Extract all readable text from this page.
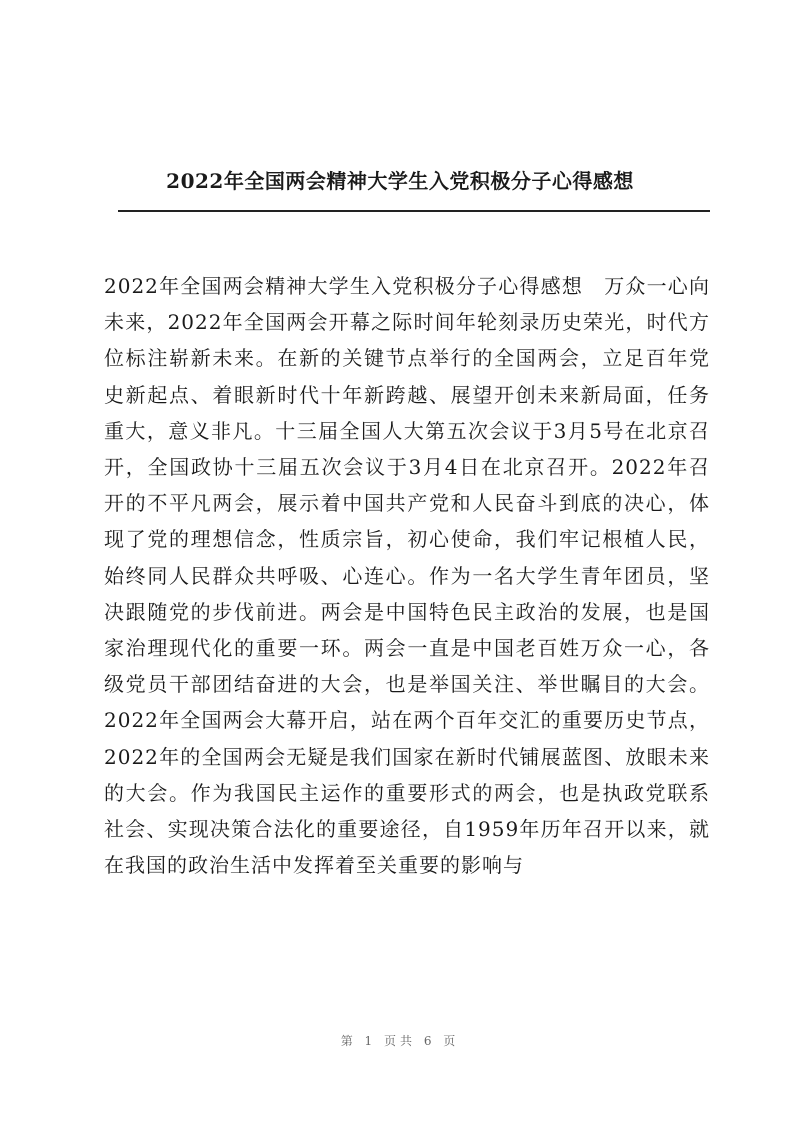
2022年全国两会精神大学生入党积极分子心得感想

2022年全国两会精神大学生入党积极分子心得感想　万众一心向未来，2022年全国两会开幕之际时间年轮刻录历史荣光，时代方位标注崭新未来。在新的关键节点举行的全国两会，立足百年党史新起点、着眼新时代十年新跨越、展望开创未来新局面，任务重大，意义非凡。十三届全国人大第五次会议于3月5号在北京召开，全国政协十三届五次会议于3月4日在北京召开。2022年召开的不平凡两会，展示着中国共产党和人民奋斗到底的决心，体现了党的理想信念，性质宗旨，初心使命，我们牢记根植人民，始终同人民群众共呼吸、心连心。作为一名大学生青年团员，坚决跟随党的步伐前进。两会是中国特色民主政治的发展，也是国家治理现代化的重要一环。两会一直是中国老百姓万众一心，各级党员干部团结奋进的大会，也是举国关注、举世瞩目的大会。2022年全国两会大幕开启，站在两个百年交汇的重要历史节点，2022年的全国两会无疑是我们国家在新时代铺展蓝图、放眼未来的大会。作为我国民主运作的重要形式的两会，也是执政党联系社会、实现决策合法化的重要途径，自1959年历年召开以来，就在我国的政治生活中发挥着至关重要的影响与

第 1 页共 6 页
